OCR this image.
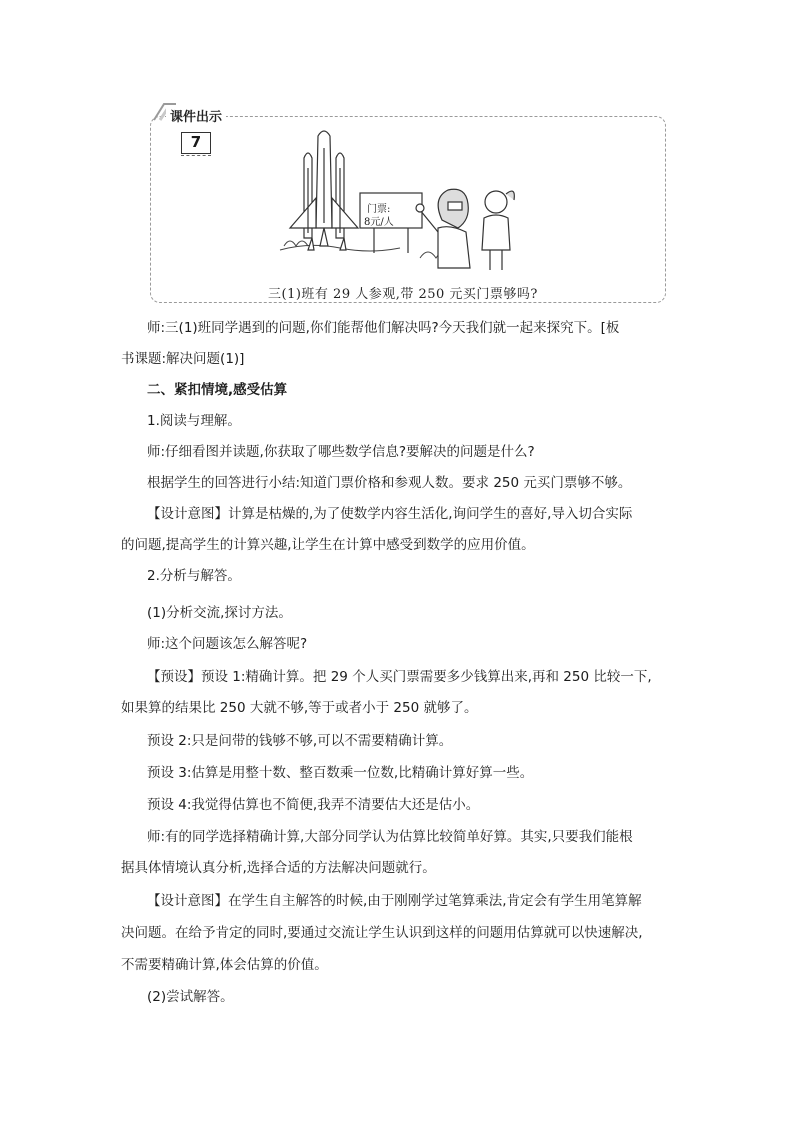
课件出示
7
门票:
8元/人
三(1)班有 29 人参观,带 250 元买门票够吗?
师:三(1)班同学遇到的问题,你们能帮他们解决吗?今天我们就一起来探究下。[板
书课题:解决问题(1)]
二、紧扣情境,感受估算
1.阅读与理解。
师:仔细看图并读题,你获取了哪些数学信息?要解决的问题是什么?
根据学生的回答进行小结:知道门票价格和参观人数。要求 250 元买门票够不够。
【设计意图】计算是枯燥的,为了使数学内容生活化,询问学生的喜好,导入切合实际
的问题,提高学生的计算兴趣,让学生在计算中感受到数学的应用价值。
2.分析与解答。
(1)分析交流,探讨方法。
师:这个问题该怎么解答呢?
【预设】预设 1:精确计算。把 29 个人买门票需要多少钱算出来,再和 250 比较一下,
如果算的结果比 250 大就不够,等于或者小于 250 就够了。
预设 2:只是问带的钱够不够,可以不需要精确计算。
预设 3:估算是用整十数、整百数乘一位数,比精确计算好算一些。
预设 4:我觉得估算也不简便,我弄不清要估大还是估小。
师:有的同学选择精确计算,大部分同学认为估算比较简单好算。其实,只要我们能根
据具体情境认真分析,选择合适的方法解决问题就行。
【设计意图】在学生自主解答的时候,由于刚刚学过笔算乘法,肯定会有学生用笔算解
决问题。在给予肯定的同时,要通过交流让学生认识到这样的问题用估算就可以快速解决,
不需要精确计算,体会估算的价值。
(2)尝试解答。
